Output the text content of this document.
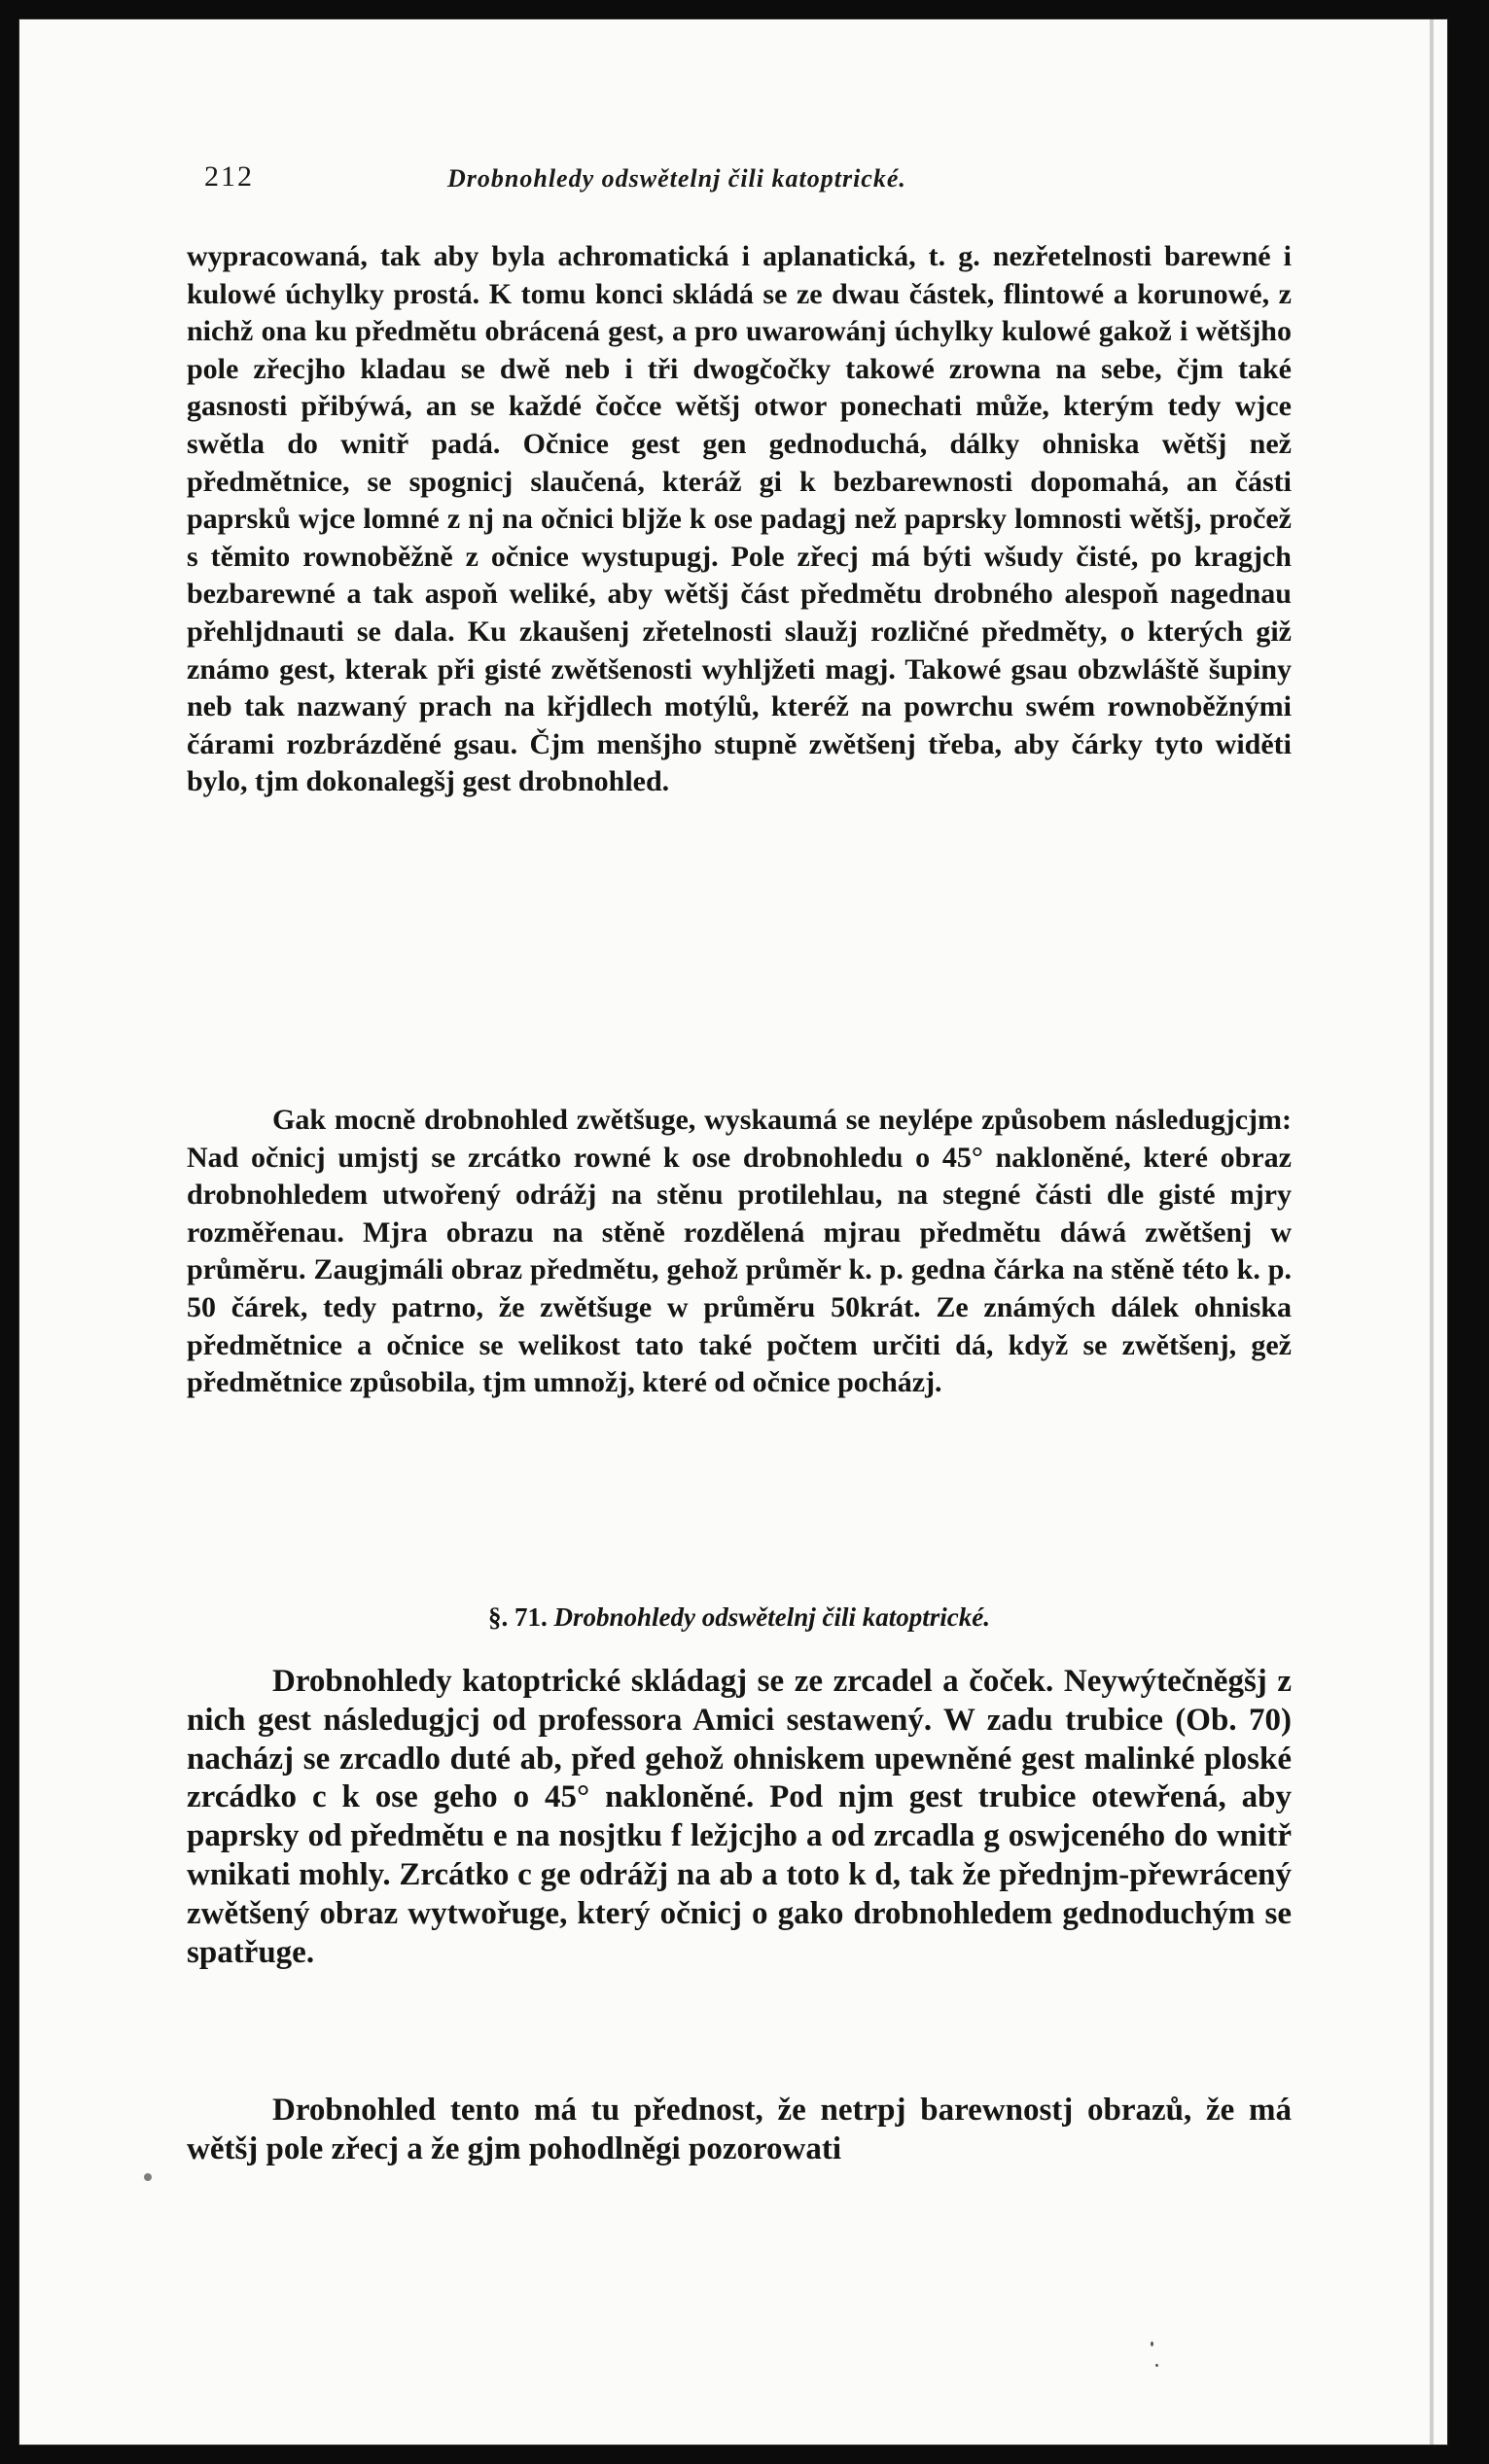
212	Drobnohledy odswětelnj čili katoptrické.

wypracowaná, tak aby byla achromatická i aplanatická, t. g. nezřetelnosti barewné i kulowé úchylky prostá. K tomu konci skládá se ze dwau částek, flintowé a korunowé, z nichž ona ku předmětu obrácená gest, a pro uwarowánj úchylky kulowé gakož i wětšjho pole zřecjho kladau se dwě neb i tři dwogčočky takowé zrowna na sebe, čjm také gasnosti přibýwá, an se každé čočce wětšj otwor ponechati může, kterým tedy wjce swětla do wnitř padá. Očnice gest gen gednoduchá, dálky ohniska wětšj než předmětnice, se spognicj slaučená, kteráž gi k bezbarewnosti dopomahá, an části paprsků wjce lomné z nj na očnici bljže k ose padagj než paprsky lomnosti wětšj, pročež s těmito rownoběžně z očnice wystupugj. Pole zřecj má býti wšudy čisté, po kragjch bezbarewné a tak aspoň weliké, aby wětšj část předmětu drobného alespoň nagednau přehljdnauti se dala. Ku zkaušenj zřetelnosti slaužj rozličné předměty, o kterých giž známo gest, kterak při gisté zwětšenosti wyhljžeti magj. Takowé gsau obzwláště šupiny neb tak nazwaný prach na křjdlech motýlů, kteréž na powrchu swém rownoběžnými čárami rozbrázděné gsau. Čjm menšjho stupně zwětšenj třeba, aby čárky tyto widěti bylo, tjm dokonalegšj gest drobnohled.

Gak mocně drobnohled zwětšuge, wyskaumá se neylépe způsobem následugjcjm: Nad očnicj umjstj se zrcátko rowné k ose drobnohledu o 45° nakloněné, které obraz drobnohledem utwořený odrážj na stěnu protilehlau, na stegné části dle gisté mjry rozměřenau. Mjra obrazu na stěně rozdělená mjrau předmětu dáwá zwětšenj w průměru. Zaugjmáli obraz předmětu, gehož průměr k. p. gedna čárka na stěně této k. p. 50 čárek, tedy patrno, že zwětšuge w průměru 50krát. Ze známých dálek ohniska předmětnice a očnice se welikost tato také počtem určiti dá, když se zwětšenj, gež předmětnice způsobila, tjm umnožj, které od očnice pocházj.

§. 71. Drobnohledy odswětelnj čili katoptrické.

Drobnohledy katoptrické skládagj se ze zrcadel a čoček. Neywýtečněgšj z nich gest následugjcj od professora Amici sestawený. W zadu trubice (Ob. 70) nacházj se zrcadlo duté ab, před gehož ohniskem upewněné gest malinké ploské zrcádko c k ose geho o 45° nakloněné. Pod njm gest trubice otewřená, aby paprsky od předmětu e na nosjtku f ležjcjho a od zrcadla g oswjceného do wnitř wnikati mohly. Zrcátko c ge odrážj na ab a toto k d, tak že přednjm-přewrácený zwětšený obraz wytwořuge, který očnicj o gako drobnohledem gednoduchým se spatřuge.

Drobnohled tento má tu přednost, že netrpj barewnostj obrazů, že má wětšj pole zřecj a že gjm pohodlněgi pozorowati
